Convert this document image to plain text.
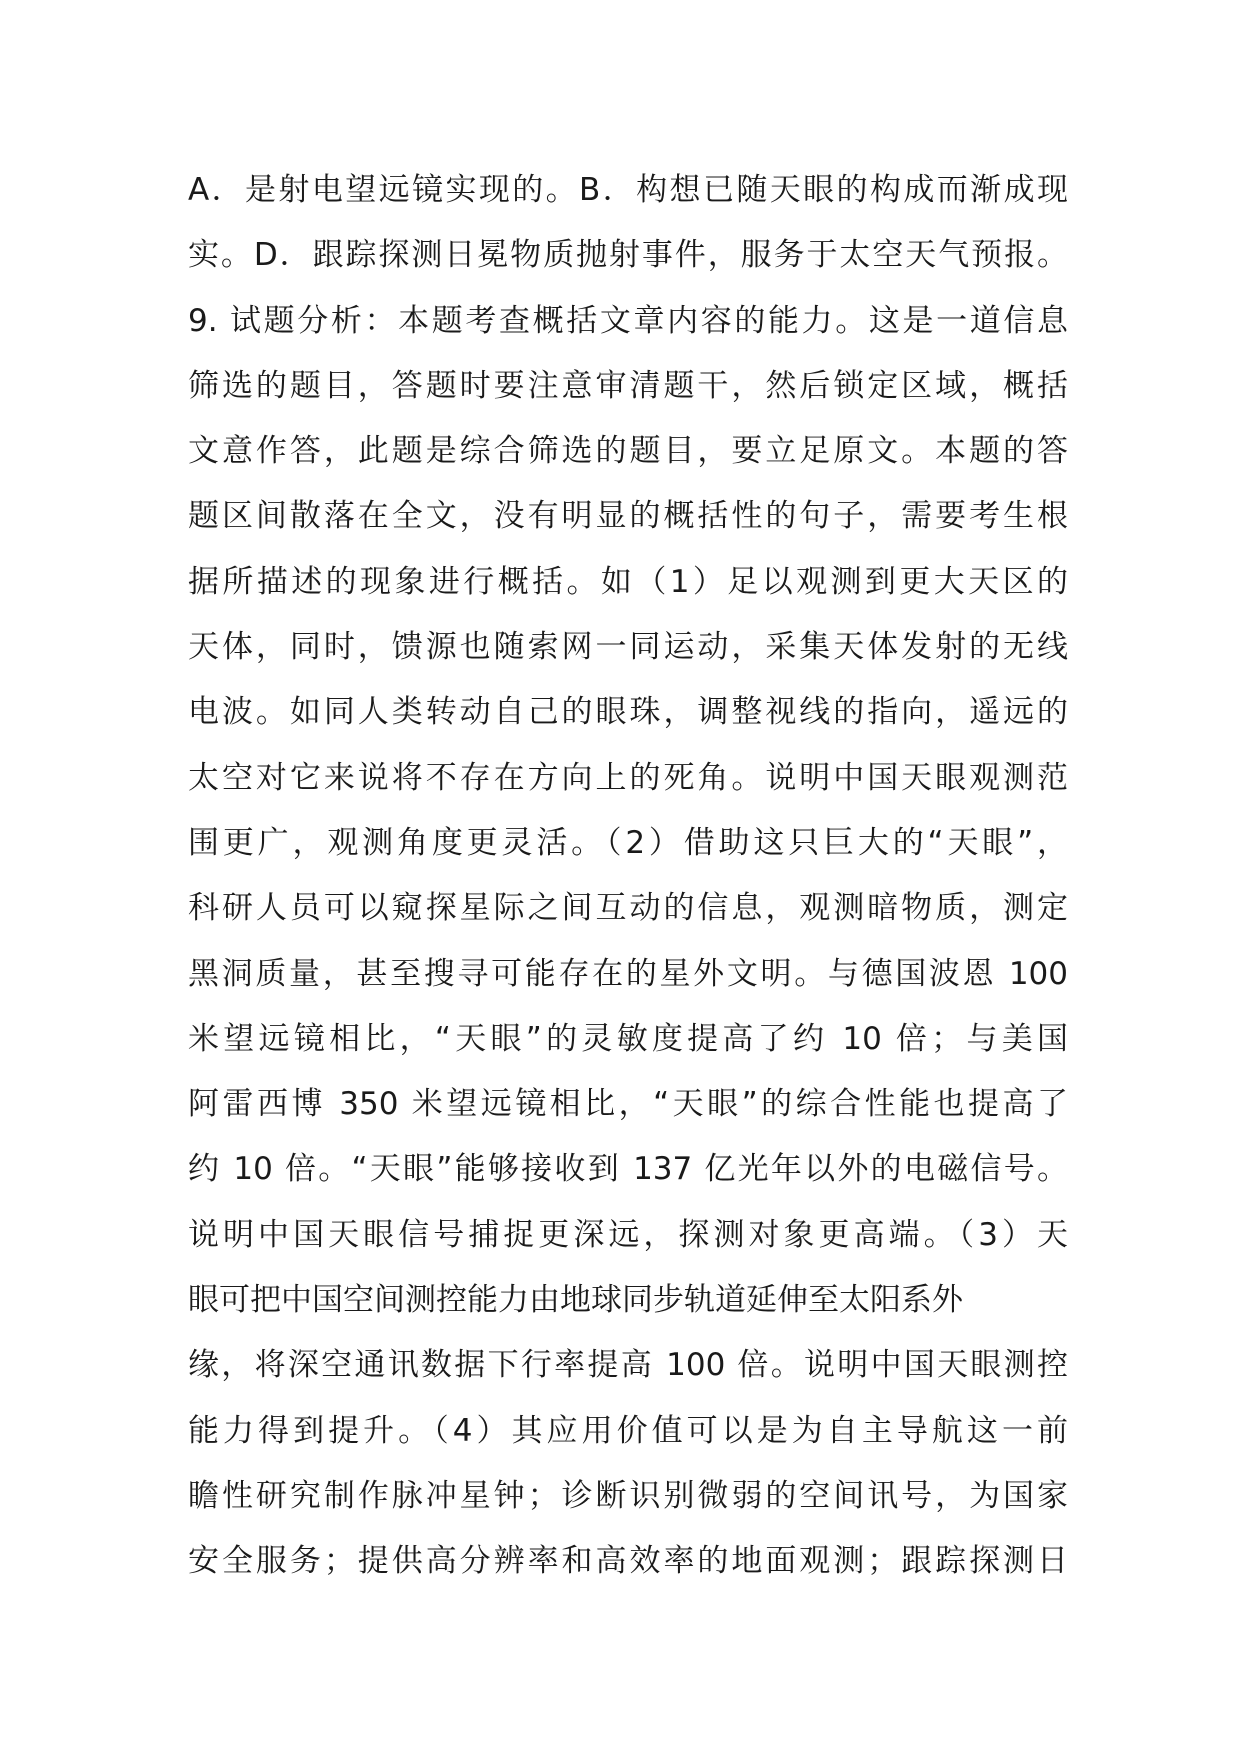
A．是射电望远镜实现的。B．构想已随天眼的构成而渐成现
实。D．跟踪探测日冕物质抛射事件，服务于太空天气预报。
9. 试题分析：本题考查概括文章内容的能力。这是一道信息
筛选的题目，答题时要注意审清题干，然后锁定区域，概括
文意作答，此题是综合筛选的题目，要立足原文。本题的答
题区间散落在全文，没有明显的概括性的句子，需要考生根
据所描述的现象进行概括。如（1）足以观测到更大天区的
天体，同时，馈源也随索网一同运动，采集天体发射的无线
电波。如同人类转动自己的眼珠，调整视线的指向，遥远的
太空对它来说将不存在方向上的死角。说明中国天眼观测范
围更广，观测角度更灵活。（2）借助这只巨大的“天眼”，
科研人员可以窥探星际之间互动的信息，观测暗物质，测定
黑洞质量，甚至搜寻可能存在的星外文明。与德国波恩 100
米望远镜相比，“天眼”的灵敏度提高了约 10 倍；与美国
阿雷西博 350 米望远镜相比，“天眼”的综合性能也提高了
约 10 倍。“天眼”能够接收到 137 亿光年以外的电磁信号。
说明中国天眼信号捕捉更深远，探测对象更高端。（3）天
眼可把中国空间测控能力由地球同步轨道延伸至太阳系外
缘，将深空通讯数据下行率提高 100 倍。说明中国天眼测控
能力得到提升。（4）其应用价值可以是为自主导航这一前
瞻性研究制作脉冲星钟；诊断识别微弱的空间讯号，为国家
安全服务；提供高分辨率和高效率的地面观测；跟踪探测日
